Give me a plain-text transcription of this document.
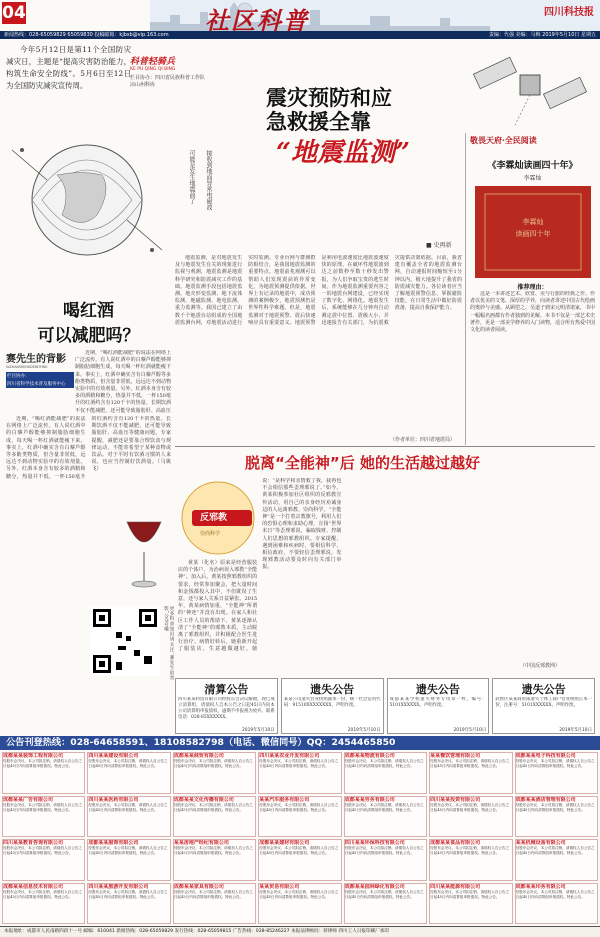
04
新闻热线：028-65059829 65059830 投稿邮箱：kjbsb@vip.163.com	责编：代强 美编：马梅 2019年5月10日 星期五
社区科普	四川科技报
今年5月12日是第11个全国防灾减灾日，主题是“提高灾害防治能力，构筑生命安全防线”。5月6日至12日为全国防灾减灾宣传周。
科普轻骑兵
KE PU QING QI BING
栏目协办：四川省民族科普工作队
凉山州科协
震灾预防和应
急救援全靠
“地震监测”
可能是发生地震前了	接收到地面异常电磁波
■ 史再新
敬畏天府·全民阅读
《李霖灿读画四十年》
李霖灿
李霖灿
读画四十年
推荐理由：
这是一本讲述艺术、欣赏、美与行旅的经典之作。作者以优美的文笔、深厚的学养，向读者讲述中国古代绘画的奥妙与美感。从顾恺之、吴道子到宋元明清诸家，书中一幅幅名画都有作者独到的见解。本书不仅是一部艺术史著作，更是一部美学修养的入门读物，适合所有热爱中国文化的读者阅读。
地震监测，是对地震发生及与地震发生有关的现象进行监视与观测，地震监测是地震科学研究和防震减灾工作的基础。地震监测手段包括地震监测、地壳形变监测、地下流体监测、地磁监测、地电监测、重力监测等。我国已建立了由数千个地震台站组成的全国地震监测台网，对地震活动进行实时监测。专业台网与群测群防相结合，是我国地震监测的重要特点。地震前兆观测可以帮助人们发现震前的异常变化，为地震预测提供依据。世界上有记录的地震中，成功预测的案例极少，地震预测仍是世界性科学难题。但是，地震监测对于地震预警、震后快速响应具有重要意义。地震预警是利用电波速度比地震波速度快的原理，在破坏性地震波到达之前数秒至数十秒发出警报，为人们争取宝贵的逃生时间。作为地震监测重要内容之一的地震台网建设，已经实现了数字化、网络化。地震发生后，系统能够在几分钟内自动测定震中位置、震级大小，并迅速报告有关部门，为抗震救灾提供决策依据。目前，我省建有覆盖全省的地震监测台网，自动速报时间缩短至1分钟以内，极大地提升了我省的防震减灾能力。各位读者应当了解地震预警信息，掌握避险技能，在日常生活中做好防震准备，提高自我保护能力。
（作者单位：四川省地震局）
喝红酒
可以减肥吗？
赛先生的背影
SAIXIANSHENGDEBEIYING
栏目协办：
四川省科学技术普及服务中心
近期，“喝红酒能减肥”的说法在网络上广泛流传。有人说红酒中的白藜芦醇能够抑制脂肪细胞生成，每天喝一杯红酒就能瘦下来。事实上，红酒中确实含有白藜芦醇等多酚类物质，但含量非常低，远远达不到动物实验中的有效剂量。另外，红酒本身含有较多的酒精和糖分，热量并不低，一杯150毫升的红酒约含有120千卡的热量。长期饮酒不仅不能减肥，还可能导致脂肪肝、高血压等健康问题。专家提醒，减肥还是要靠合理饮食与规律运动，不能寄希望于某种食物或饮品。对于平时有饮酒习惯的人来说，也应当控制好饮酒量。（马姚飞）
近期，“喝红酒能减肥”的说法在网络上广泛流传。有人说红酒中的白藜芦醇能够抑制脂肪细胞生成，每天喝一杯红酒就能瘦下来。事实上，红酒中确实含有白藜芦醇等多酚类物质，但含量非常低，远远达不到动物实验中的有效剂量。另外，红酒本身含有较多的酒精和糖分，热量并不低，一杯150毫升的红酒约含有120千卡的热量。长期饮酒不仅不能减肥，还可能导致脂肪肝、高血压
更多科普知识请关注“赛先生的背影”公众号哦
脱离“全能神”后 她的生活越过越好
反邪教
崇尚科学
黄某（化名）原来是经营服装店的个体户，为治病误入邪教“全能神”。加入后，黄某按照邪教组织的要求，经常参加聚会，把大量时间和金钱都投入其中，不但耽误了生意，还与家人关系日益紧张。2015年，黄某病情加重，“全能神”所谓的“神迹”并没有出现。在家人和社区工作人员的帮助下，黄某逐渐认清了“全能神”的邪教本质，主动脱离了邪教组织，并积极配合医生进行治疗。病情好转后，她重新开起了服装店，生意越做越好。她说：“是科学和亲情救了我，我再也不会相信那些歪理邪说了。”如今，黄某积极参加社区组织的反邪教宣传活动，用自己的亲身经历劝诫身边的人远离邪教、崇尚科学。“全能神”是一个打着宗教旗号，利用人们的恐惧心理和求助心理，宣扬“世界末日”等歪理邪说，骗取钱财、控制人们思想的邪教组织。专家提醒，遇到困难和疾病时，要相信科学、相信政府，不要轻信歪理邪说，发现邪教活动要及时向有关部门举报。
（中国反邪教网）
清算公告
四川某某科技有限公司经股东会决议解散，现已成立清算组，请债权人自本公告之日起45日内向本公司清算组申报债权，逾期不申报视为放弃。联系电话：028-85XXXXXX。
2019年5月10日
遗失公告
某某公司遗失营业执照副本一份，统一社会信用代码：91510XXXXXXXX，声明作废。
2019年5月10日
遗失公告
成都某某学校遗失财务专用章一枚，编号：5101XXXXXX，声明作废。
2019年5月10日
遗失公告
武侯区某某商贸部遗失个体工商户营业执照正本一份，注册号：5101XXXXXX，声明作废。
2019年5月10日
公告刊登热线：028-64658591、18108582798（电话、微信同号）QQ：2454465850
成都某某装饰工程有限公司
经股东会决议，本公司拟注销，请债权人自公告之日起45日内向清算组申报债权。特此公告。
四川某某建设有限公司
经股东会决议，本公司拟注销，请债权人自公告之日起45日内向清算组申报债权。特此公告。
成都某某商贸有限公司
经股东会决议，本公司拟注销，请债权人自公告之日起45日内向清算组申报债权。特此公告。
四川某某农业开发有限公司
经股东会决议，本公司拟注销，请债权人自公告之日起45日内向清算组申报债权。特此公告。
成都某某物流有限公司
经股东会决议，本公司拟注销，请债权人自公告之日起45日内向清算组申报债权。特此公告。
某某餐饮管理有限公司
经股东会决议，本公司拟注销，请债权人自公告之日起45日内向清算组申报债权。特此公告。
成都某某电子科技有限公司
经股东会决议，本公司拟注销，请债权人自公告之日起45日内向清算组申报债权。特此公告。
成都某某广告有限公司
经股东会决议，本公司拟注销，请债权人自公告之日起45日内向清算组申报债权。特此公告。
四川某某医药有限公司
经股东会决议，本公司拟注销，请债权人自公告之日起45日内向清算组申报债权。特此公告。
成都某某文化传播有限公司
经股东会决议，本公司拟注销，请债权人自公告之日起45日内向清算组申报债权。特此公告。
某某汽车服务有限公司
经股东会决议，本公司拟注销，请债权人自公告之日起45日内向清算组申报债权。特此公告。
成都某某劳务有限公司
经股东会决议，本公司拟注销，请债权人自公告之日起45日内向清算组申报债权。特此公告。
四川某某投资有限公司
经股东会决议，本公司拟注销，请债权人自公告之日起45日内向清算组申报债权。特此公告。
成都某某酒店管理有限公司
经股东会决议，本公司拟注销，请债权人自公告之日起45日内向清算组申报债权。特此公告。
四川某某教育咨询有限公司
经股东会决议，本公司拟注销，请债权人自公告之日起45日内向清算组申报债权。特此公告。
成都某某服饰有限公司
经股东会决议，本公司拟注销，请债权人自公告之日起45日内向清算组申报债权。特此公告。
某某房地产经纪有限公司
经股东会决议，本公司拟注销，请债权人自公告之日起45日内向清算组申报债权。特此公告。
成都某某建材有限公司
经股东会决议，本公司拟注销，请债权人自公告之日起45日内向清算组申报债权。特此公告。
四川某某环保科技有限公司
经股东会决议，本公司拟注销，请债权人自公告之日起45日内向清算组申报债权。特此公告。
成都某某食品有限公司
经股东会决议，本公司拟注销，请债权人自公告之日起45日内向清算组申报债权。特此公告。
某某机械设备有限公司
经股东会决议，本公司拟注销，请债权人自公告之日起45日内向清算组申报债权。特此公告。
成都某某信息技术有限公司
经股东会决议，本公司拟注销，请债权人自公告之日起45日内向清算组申报债权。特此公告。
四川某某旅游开发有限公司
经股东会决议，本公司拟注销，请债权人自公告之日起45日内向清算组申报债权。特此公告。
成都某某家具有限公司
经股东会决议，本公司拟注销，请债权人自公告之日起45日内向清算组申报债权。特此公告。
某某贸易有限公司
经股东会决议，本公司拟注销，请债权人自公告之日起45日内向清算组申报债权。特此公告。
成都某某园林绿化有限公司
经股东会决议，本公司拟注销，请债权人自公告之日起45日内向清算组申报债权。特此公告。
四川某某能源有限公司
经股东会决议，本公司拟注销，请债权人自公告之日起45日内向清算组申报债权。特此公告。
成都某某印务有限公司
经股东会决议，本公司拟注销，请债权人自公告之日起45日内向清算组申报债权。特此公告。
本报地址：成都市人民南路四段十一号 邮编：610041 新闻热线：028-65059829 发行热线：028-65059815 广告热线：028-85246227 本报法律顾问：蒋律师 四川工人日报印刷厂承印
